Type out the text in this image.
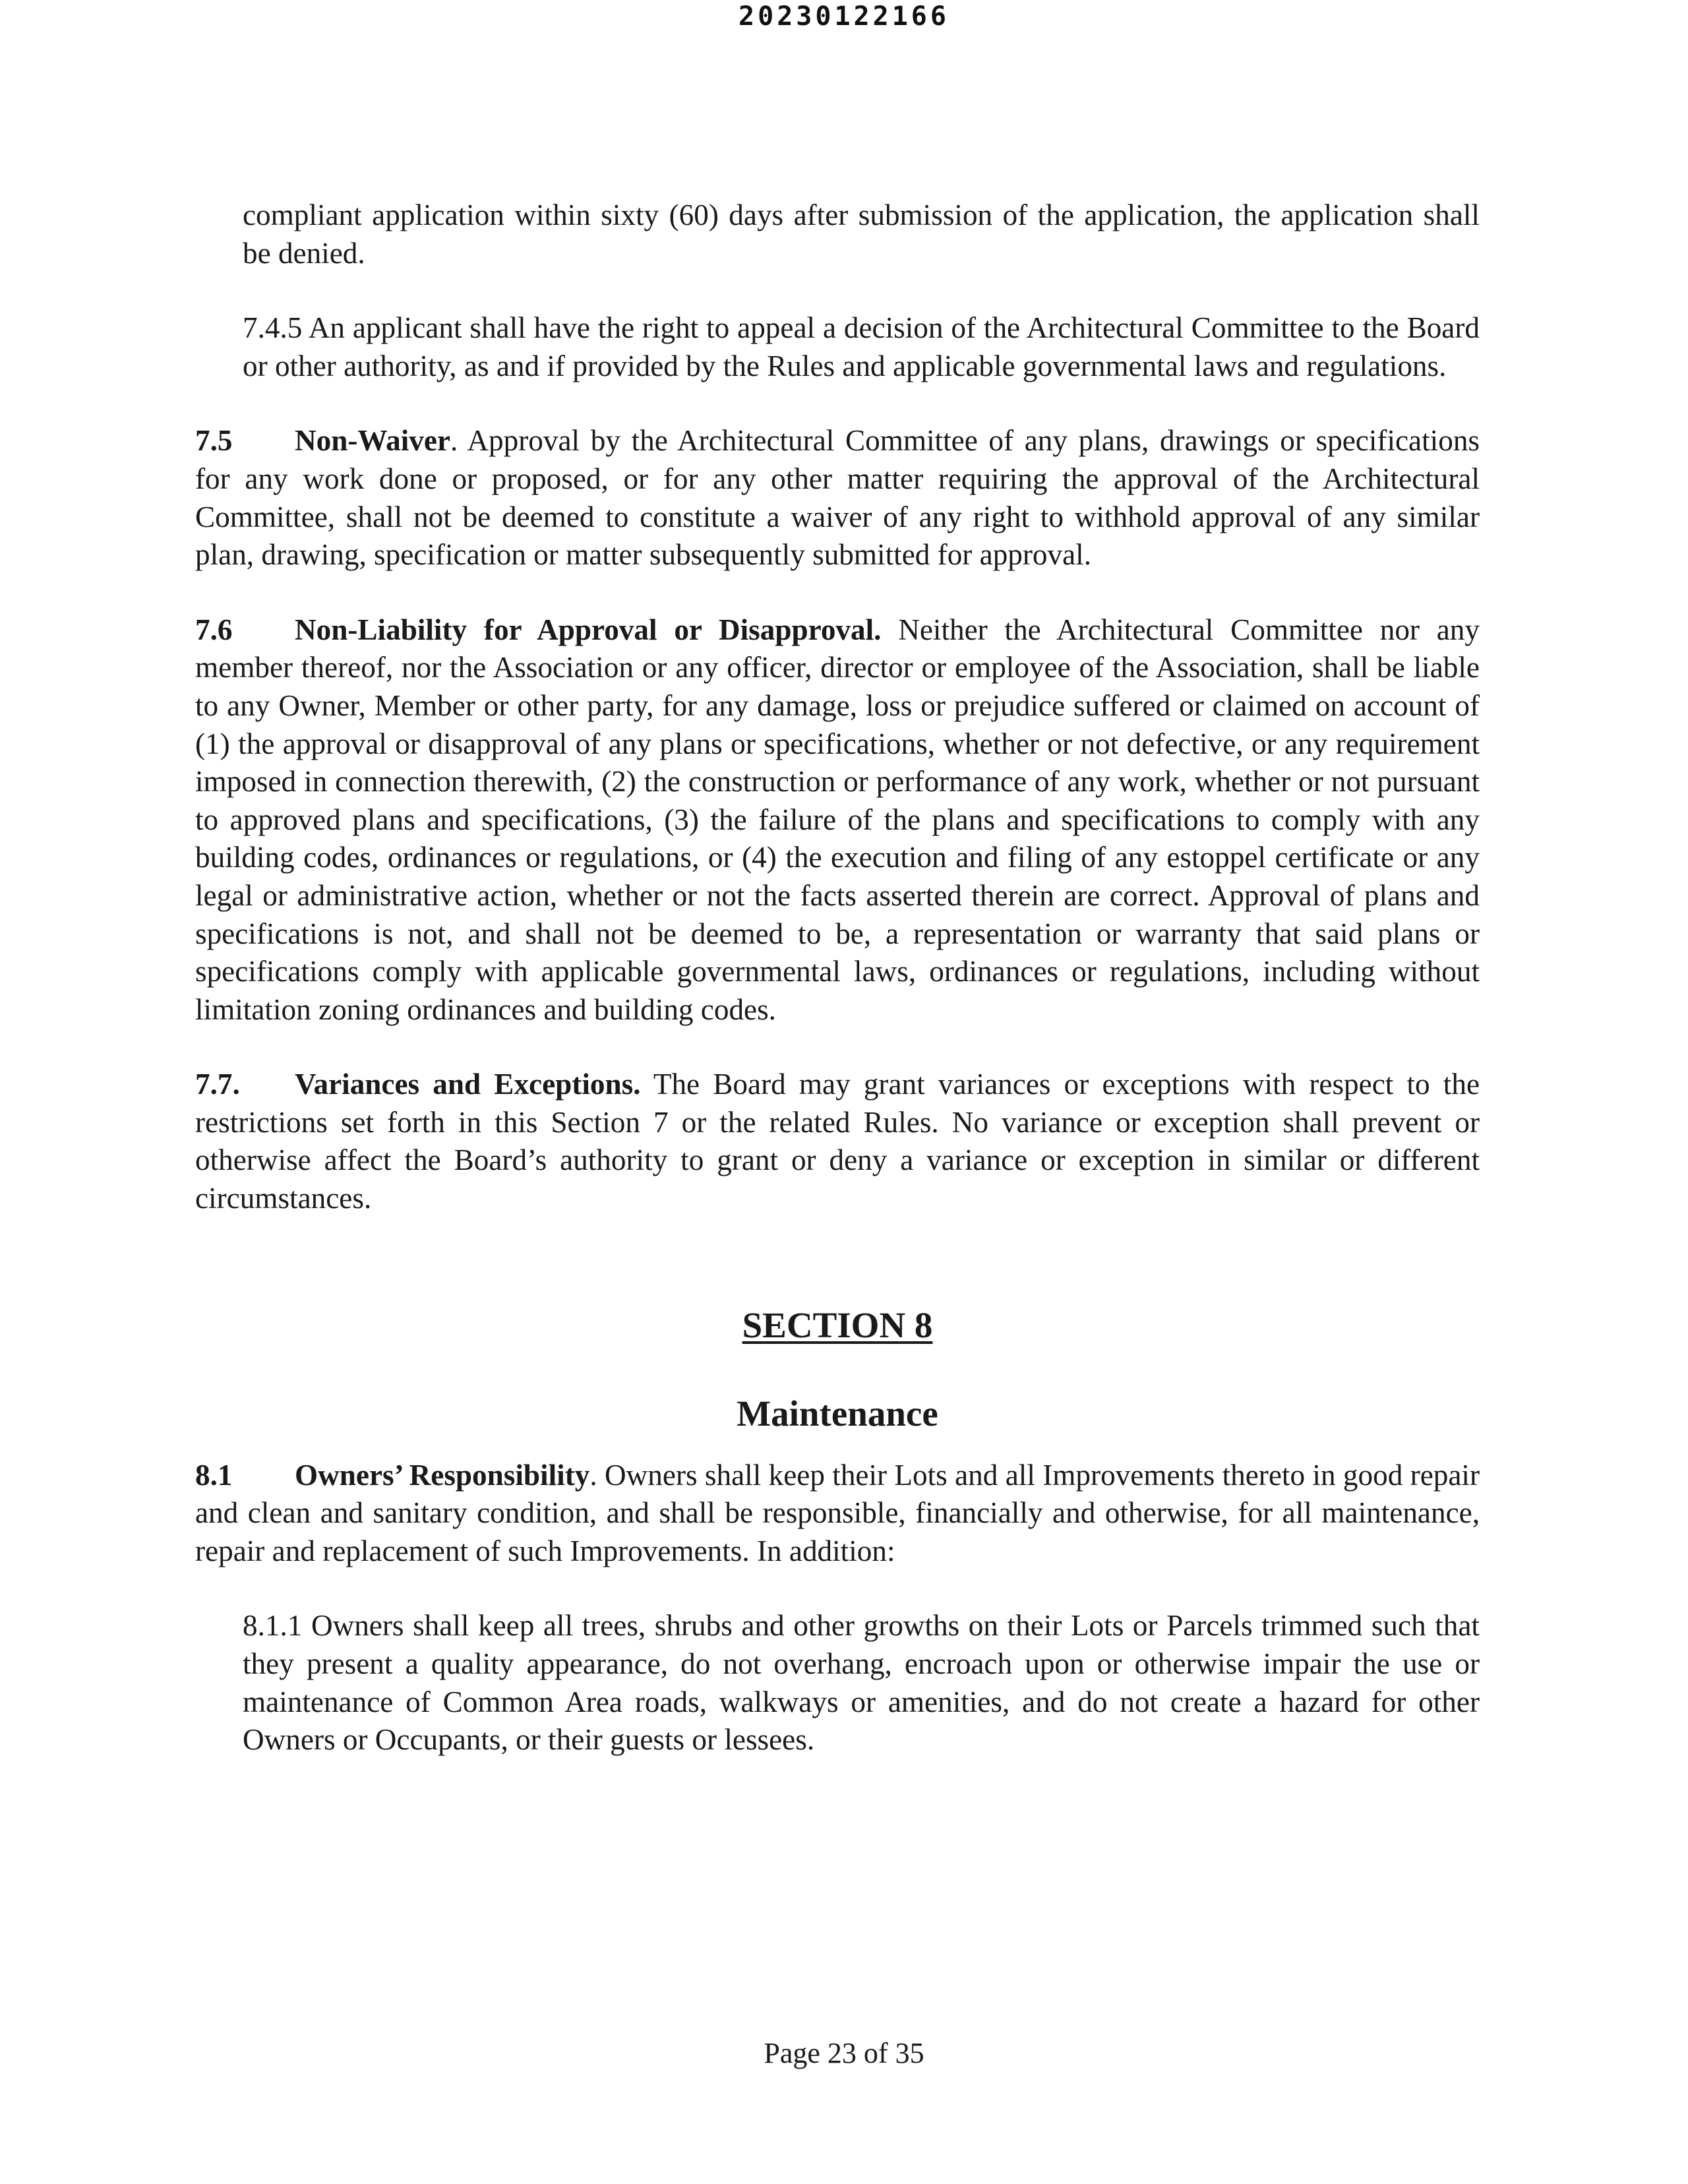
20230122166

compliant application within sixty (60) days after submission of the application, the application shall be denied.

7.4.5 An applicant shall have the right to appeal a decision of the Architectural Committee to the Board or other authority, as and if provided by the Rules and applicable governmental laws and regulations.

7.5 Non-Waiver. Approval by the Architectural Committee of any plans, drawings or specifications for any work done or proposed, or for any other matter requiring the approval of the Architectural Committee, shall not be deemed to constitute a waiver of any right to withhold approval of any similar plan, drawing, specification or matter subsequently submitted for approval.

7.6 Non-Liability for Approval or Disapproval. Neither the Architectural Committee nor any member thereof, nor the Association or any officer, director or employee of the Association, shall be liable to any Owner, Member or other party, for any damage, loss or prejudice suffered or claimed on account of (1) the approval or disapproval of any plans or specifications, whether or not defective, or any requirement imposed in connection therewith, (2) the construction or performance of any work, whether or not pursuant to approved plans and specifications, (3) the failure of the plans and specifications to comply with any building codes, ordinances or regulations, or (4) the execution and filing of any estoppel certificate or any legal or administrative action, whether or not the facts asserted therein are correct. Approval of plans and specifications is not, and shall not be deemed to be, a representation or warranty that said plans or specifications comply with applicable governmental laws, ordinances or regulations, including without limitation zoning ordinances and building codes.

7.7. Variances and Exceptions. The Board may grant variances or exceptions with respect to the restrictions set forth in this Section 7 or the related Rules. No variance or exception shall prevent or otherwise affect the Board’s authority to grant or deny a variance or exception in similar or different circumstances.

SECTION 8

Maintenance

8.1 Owners’ Responsibility. Owners shall keep their Lots and all Improvements thereto in good repair and clean and sanitary condition, and shall be responsible, financially and otherwise, for all maintenance, repair and replacement of such Improvements. In addition:

8.1.1 Owners shall keep all trees, shrubs and other growths on their Lots or Parcels trimmed such that they present a quality appearance, do not overhang, encroach upon or otherwise impair the use or maintenance of Common Area roads, walkways or amenities, and do not create a hazard for other Owners or Occupants, or their guests or lessees.

Page 23 of 35
